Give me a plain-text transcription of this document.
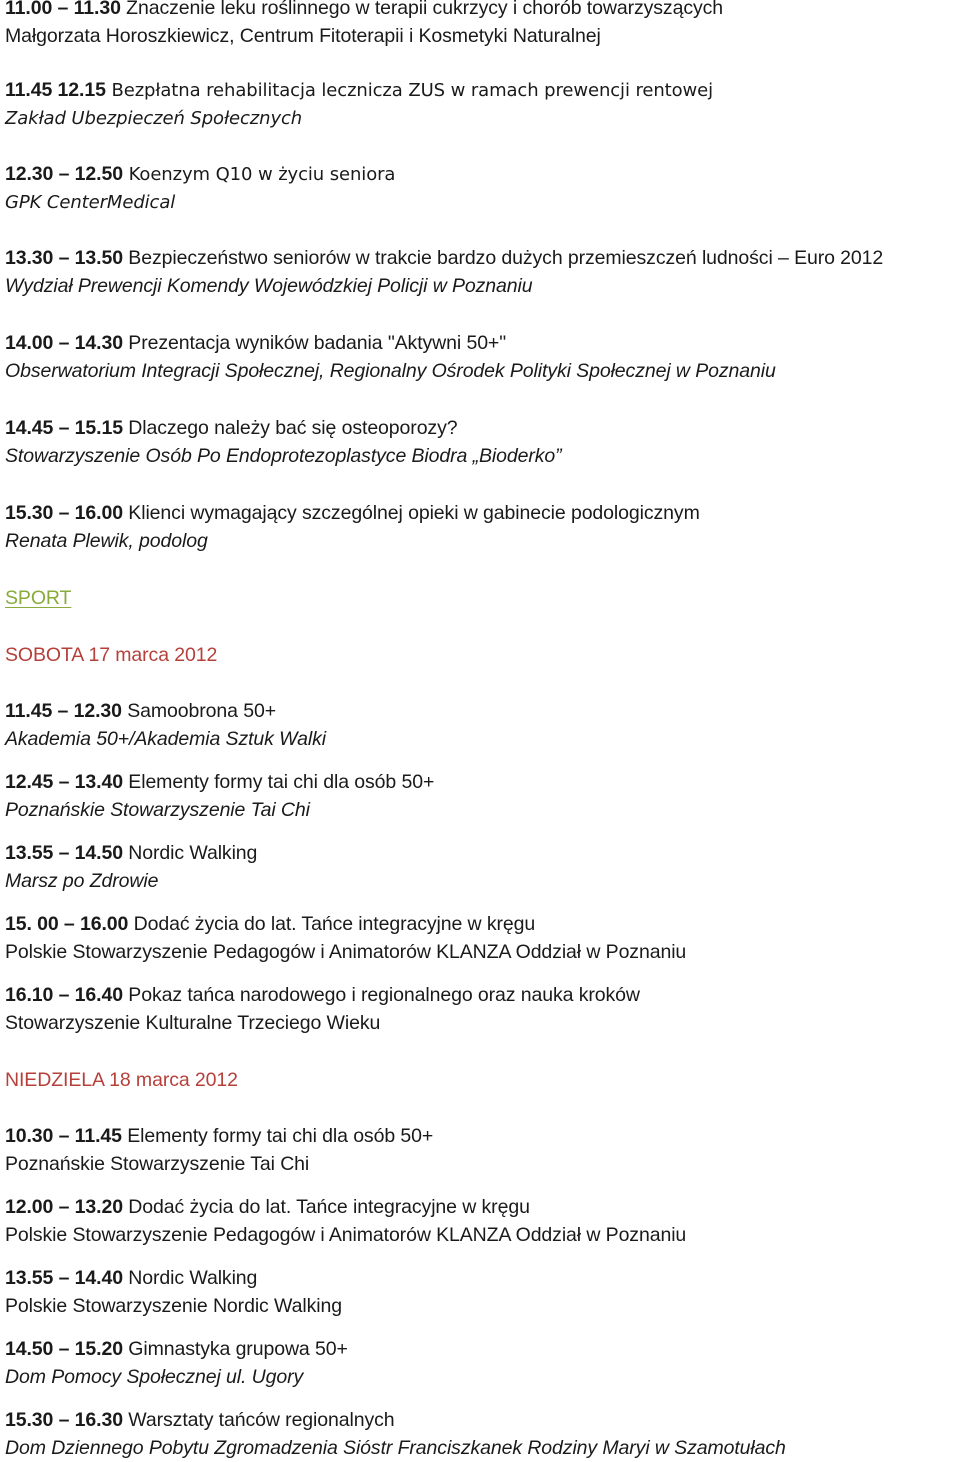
11.00 – 11.30 Znaczenie leku roślinnego w terapii cukrzycy i chorób towarzyszących
Małgorzata Horoszkiewicz, Centrum Fitoterapii i Kosmetyki Naturalnej
11.45 12.15 Bezpłatna rehabilitacja lecznicza ZUS w ramach prewencji rentowej
Zakład Ubezpieczeń Społecznych
12.30 – 12.50 Koenzym Q10 w życiu seniora
GPK CenterMedical
13.30 – 13.50 Bezpieczeństwo seniorów w trakcie bardzo dużych przemieszczeń ludności – Euro 2012
Wydział Prewencji Komendy Wojewódzkiej Policji w Poznaniu
14.00 – 14.30 Prezentacja wyników badania "Aktywni 50+"
Obserwatorium Integracji Społecznej, Regionalny Ośrodek Polityki Społecznej w Poznaniu
14.45 – 15.15 Dlaczego należy bać się osteoporozy?
Stowarzyszenie Osób Po Endoprotezoplastyce Biodra „Bioderko”
15.30 – 16.00 Klienci wymagający szczególnej opieki w gabinecie podologicznym
Renata Plewik, podolog
SPORT
SOBOTA 17 marca 2012
11.45 – 12.30 Samoobrona 50+
Akademia 50+/Akademia Sztuk Walki
12.45 – 13.40 Elementy formy tai chi dla osób 50+
Poznańskie Stowarzyszenie Tai Chi
13.55 – 14.50 Nordic Walking
Marsz po Zdrowie
15. 00 – 16.00 Dodać życia do lat. Tańce integracyjne w kręgu
Polskie Stowarzyszenie Pedagogów i Animatorów KLANZA Oddział w Poznaniu
16.10 – 16.40 Pokaz tańca narodowego i regionalnego oraz nauka kroków
Stowarzyszenie Kulturalne Trzeciego Wieku
NIEDZIELA 18 marca 2012
10.30 – 11.45 Elementy formy tai chi dla osób 50+
Poznańskie Stowarzyszenie Tai Chi
12.00 – 13.20 Dodać życia do lat. Tańce integracyjne w kręgu
Polskie Stowarzyszenie Pedagogów i Animatorów KLANZA Oddział w Poznaniu
13.55 – 14.40 Nordic Walking
Polskie Stowarzyszenie Nordic Walking
14.50 – 15.20 Gimnastyka grupowa 50+
Dom Pomocy Społecznej ul. Ugory
15.30 – 16.30 Warsztaty tańców regionalnych
Dom Dziennego Pobytu Zgromadzenia Sióstr Franciszkanek Rodziny Maryi w Szamotułach
